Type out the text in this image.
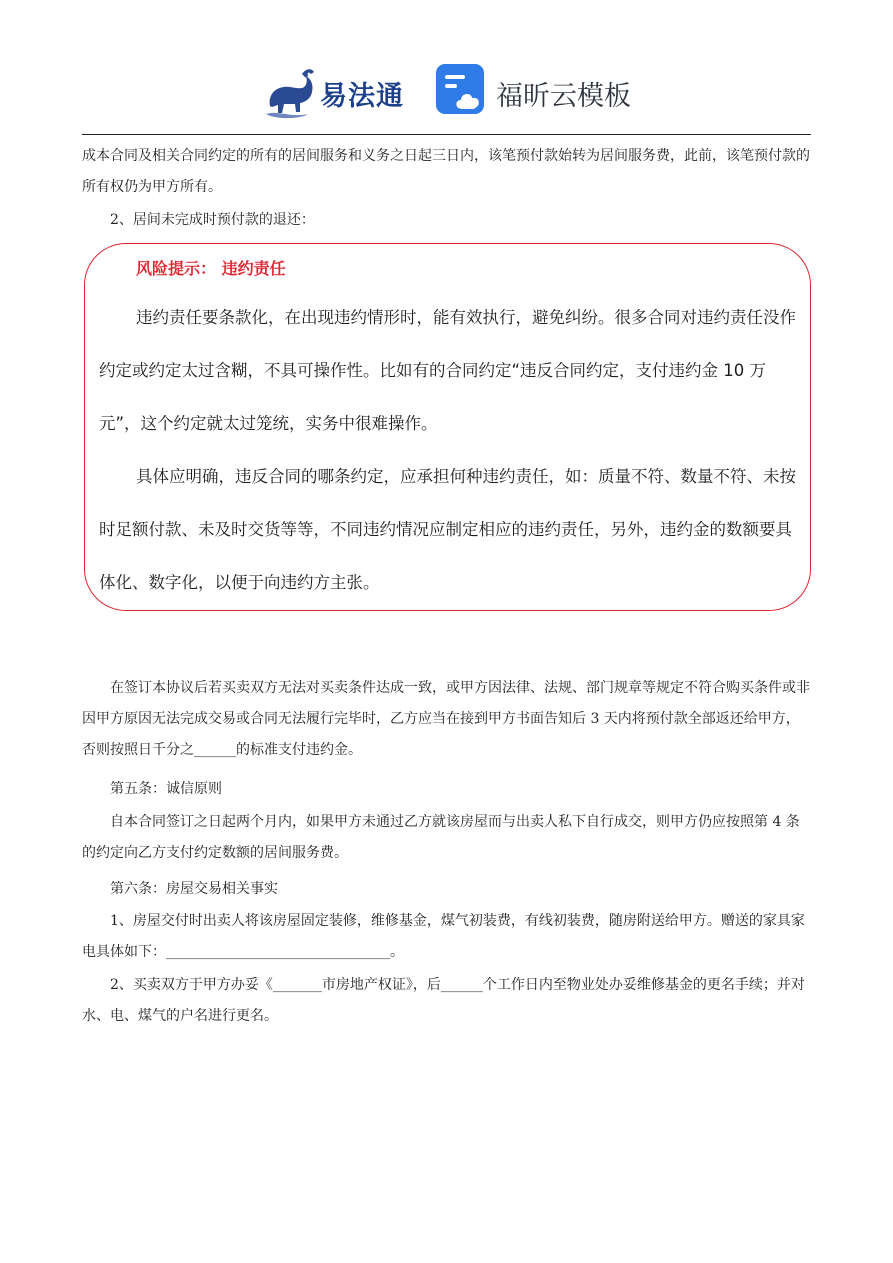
易法通	福昕云模板
成本合同及相关合同约定的所有的居间服务和义务之日起三日内，该笔预付款始转为居间服务费，此前，该笔预付款的所有权仍为甲方所有。
2、居间未完成时预付款的退还：
风险提示： 违约责任
违约责任要条款化，在出现违约情形时，能有效执行，避免纠纷。很多合同对违约责任没作约定或约定太过含糊，不具可操作性。比如有的合同约定“违反合同约定，支付违约金 10 万元”，这个约定就太过笼统，实务中很难操作。
具体应明确，违反合同的哪条约定，应承担何种违约责任，如：质量不符、数量不符、未按时足额付款、未及时交货等等，不同违约情况应制定相应的违约责任，另外，违约金的数额要具体化、数字化，以便于向违约方主张。
在签订本协议后若买卖双方无法对买卖条件达成一致，或甲方因法律、法规、部门规章等规定不符合购买条件或非因甲方原因无法完成交易或合同无法履行完毕时，乙方应当在接到甲方书面告知后 3 天内将预付款全部返还给甲方，否则按照日千分之______的标准支付违约金。
第五条：诚信原则
自本合同签订之日起两个月内，如果甲方未通过乙方就该房屋而与出卖人私下自行成交，则甲方仍应按照第 4 条的约定向乙方支付约定数额的居间服务费。
第六条：房屋交易相关事实
1、房屋交付时出卖人将该房屋固定装修，维修基金，煤气初装费，有线初装费，随房附送给甲方。赠送的家具家电具体如下：________________________________。
2、买卖双方于甲方办妥《_______市房地产权证》，后______个工作日内至物业处办妥维修基金的更名手续；并对水、电、煤气的户名进行更名。
